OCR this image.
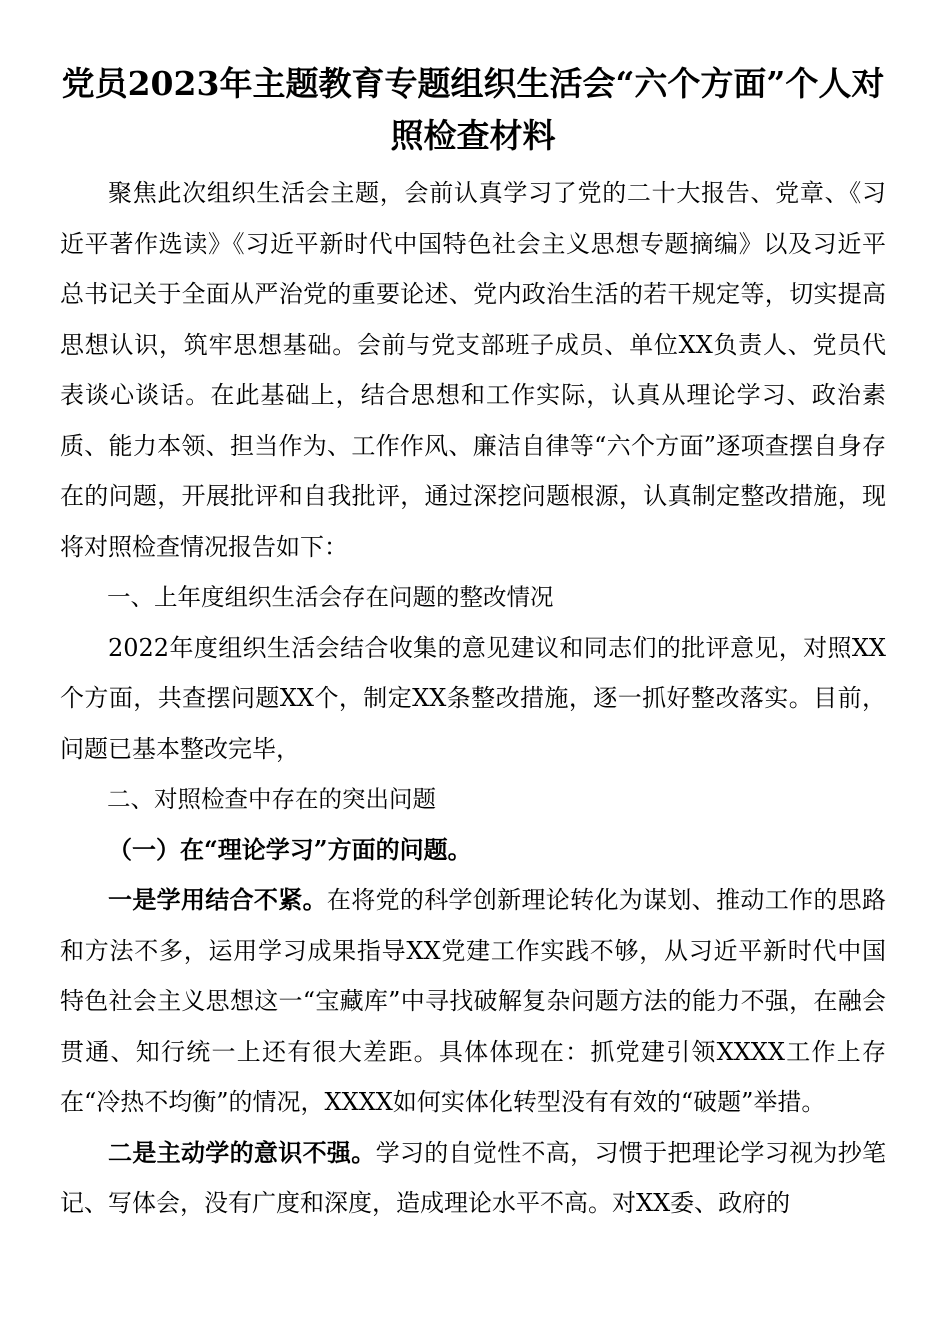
党员2023年主题教育专题组织生活会“六个方面”个人对照检查材料

聚焦此次组织生活会主题，会前认真学习了党的二十大报告、党章、《习近平著作选读》《习近平新时代中国特色社会主义思想专题摘编》以及习近平总书记关于全面从严治党的重要论述、党内政治生活的若干规定等，切实提高思想认识，筑牢思想基础。会前与党支部班子成员、单位XX负责人、党员代表谈心谈话。在此基础上，结合思想和工作实际，认真从理论学习、政治素质、能力本领、担当作为、工作作风、廉洁自律等“六个方面”逐项查摆自身存在的问题，开展批评和自我批评，通过深挖问题根源，认真制定整改措施，现将对照检查情况报告如下：

一、上年度组织生活会存在问题的整改情况

2022年度组织生活会结合收集的意见建议和同志们的批评意见，对照XX个方面，共查摆问题XX个，制定XX条整改措施，逐一抓好整改落实。目前，问题已基本整改完毕，

二、对照检查中存在的突出问题

（一）在“理论学习”方面的问题。

一是学用结合不紧。在将党的科学创新理论转化为谋划、推动工作的思路和方法不多，运用学习成果指导XX党建工作实践不够，从习近平新时代中国特色社会主义思想这一“宝藏库”中寻找破解复杂问题方法的能力不强，在融会贯通、知行统一上还有很大差距。具体体现在：抓党建引领XXXX工作上存在“冷热不均衡”的情况，XXXX如何实体化转型没有有效的“破题”举措。

二是主动学的意识不强。学习的自觉性不高，习惯于把理论学习视为抄笔记、写体会，没有广度和深度，造成理论水平不高。对XX委、政府的
